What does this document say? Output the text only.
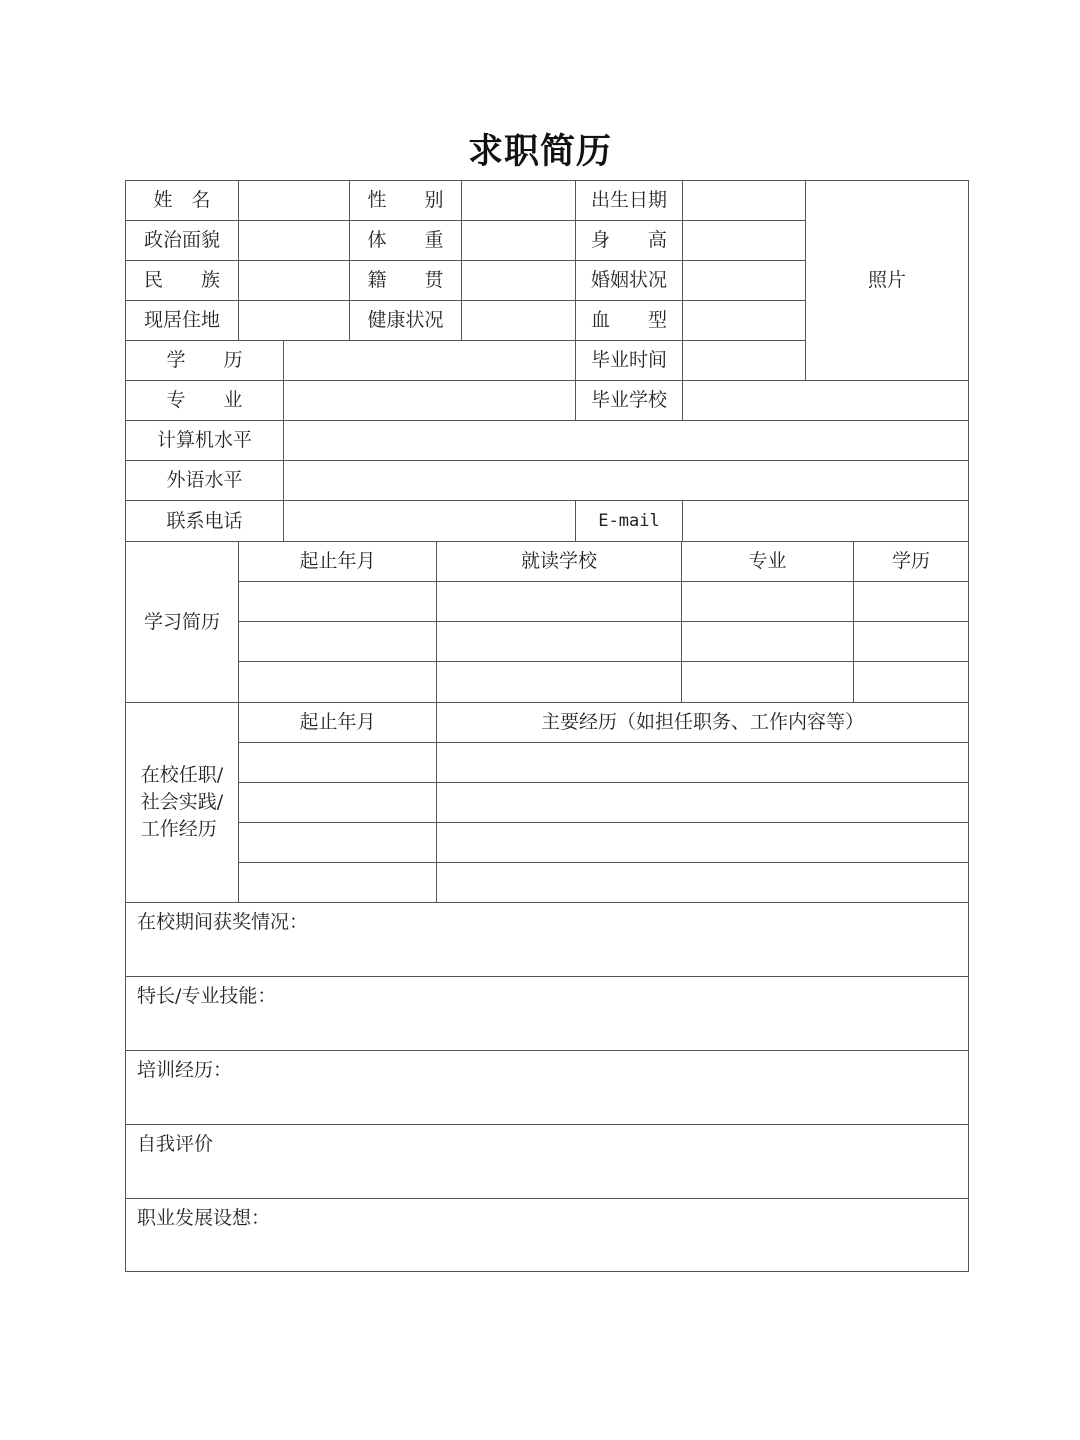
求职简历
姓　名	性　　别	出生日期
照片
政治面貌	体　　重	身　　高
民　　族	籍　　贯	婚姻状况
现居住地	健康状况	血　　型
学　　历	毕业时间
专　　业	毕业学校
计算机水平
外语水平
联系电话	E-mail
学习简历
起止年月	就读学校	专业	学历
在校任职/
社会实践/
工作经历
起止年月	主要经历（如担任职务、工作内容等）
在校期间获奖情况：
特长/专业技能：
培训经历：
自我评价
职业发展设想：
